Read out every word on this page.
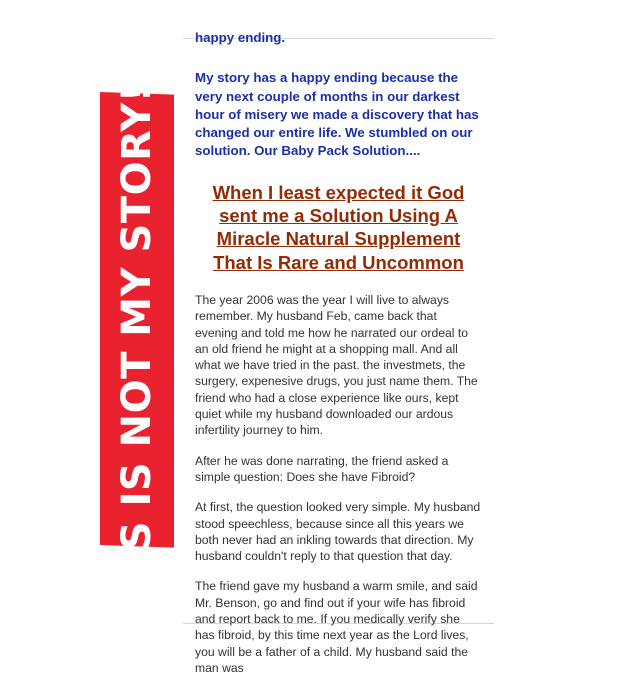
THIS IS NOT MY STORY!!!!!	happy ending.

My story has a happy ending because the very next couple of months in our darkest hour of misery we made a discovery that has changed our entire life. We stumbled on our solution. Our Baby Pack Solution....

When I least expected it God sent me a Solution Using A Miracle Natural Supplement That Is Rare and Uncommon

The year 2006 was the year I will live to always remember. My husband Feb, came back that evening and told me how he narrated our ordeal to an old friend he might at a shopping mall. And all what we have tried in the past. the investmets, the surgery, expenesive drugs, you just name them. The friend who had a close experience like ours, kept quiet while my husband downloaded our ardous infertility journey to him.

After he was done narrating, the friend asked a simple question: Does she have Fibroid?

At first, the question looked very simple. My husband stood speechless, because since all this years we both never had an inkling towards that direction. My husband couldn't reply to that question that day.

The friend gave my husband a warm smile, and said Mr. Benson, go and find out if your wife has fibroid and report back to me. If you medically verify she has fibroid, by this time next year as the Lord lives, you will be a father of a child. My husband said the man was
